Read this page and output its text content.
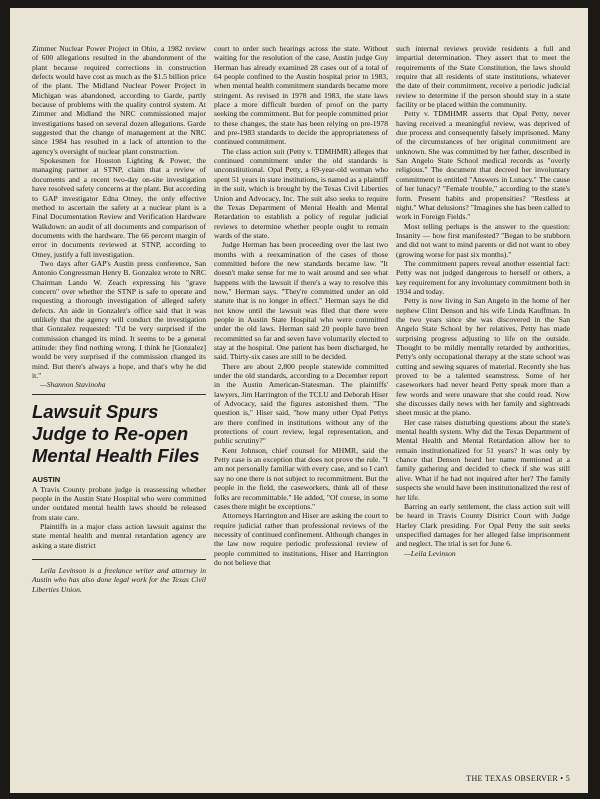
Zimmer Nuclear Power Project in Ohio, a 1982 review of 600 allegations resulted in the abandonment of the plant because required corrections in construction defects would have cost as much as the $1.5 billion price of the plant. The Midland Nuclear Power Project in Michigan was abandoned, according to Garde, partly because of problems with the quality control system. At Zimmer and Midland the NRC commissioned major investigations based on several dozen allegations. Garde suggested that the change of management at the NRC since 1984 has resulted in a lack of attention to the agency's oversight of nuclear plant construction.

Spokesmen for Houston Lighting & Power, the managing partner at STNP, claim that a review of documents and a recent two-day on-site investigation have resolved safety concerns at the plant. But according to GAP investigator Edna Otney, the only effective method to ascertain the safety at a nuclear plant is a Final Documentation Review and Verification Hardware Walkdown: an audit of all documents and comparison of documents with the hardware. The 66 percent margin of error in documents reviewed at STNP, according to Otney, justify a full investigation.

Two days after GAP's Austin press conference, San Antonio Congressman Henry B. Gonzalez wrote to NRC Chairman Lando W. Zeach expressing his "grave concern" over whether the STNP is safe to operate and requesting a thorough investigation of alleged safety defects. An aide in Gonzalez's office said that it was unlikely that the agency will conduct the investigation that Gonzalez requested: "I'd be very surprised if the commission changed its mind. It seems to be a general attitude: they find nothing wrong. I think he [Gonzalez] would be very surprised if the commission changed its mind. But there's always a hope, and that's why he did it."

—Shannon Stavinoha

Lawsuit Spurs Judge to Re-open Mental Health Files
AUSTIN

A Travis County probate judge is reassessing whether people in the Austin State Hospital who were committed under outdated mental health laws should be released from state care.

Plaintiffs in a major class action lawsuit against the state mental health and mental retardation agency are asking a state district

Leila Levinson is a freelance writer and attorney in Austin who has also done legal work for the Texas Civil Liberties Union.

court to order such hearings across the state. Without waiting for the resolution of the case, Austin judge Guy Herman has already examined 28 cases out of a total of 64 people confined to the Austin hospital prior to 1983, when mental health commitment standards became more stringent. As revised in 1978 and 1983, the state laws place a more difficult burden of proof on the party seeking the commitment. But for people committed prior to these changes, the state has been relying on pre-1978 and pre-1983 standards to decide the appropriateness of continued commitment.

The class action suit (Petty v. TDMHMR) alleges that continued commitment under the old standards is unconstitutional. Opal Petty, a 69-year-old woman who spent 51 years in state institutions, is named as a plaintiff in the suit, which is brought by the Texas Civil Liberties Union and Advocacy, Inc. The suit also seeks to require the Texas Department of Mental Health and Mental Retardation to establish a policy of regular judicial reviews to determine whether people ought to remain wards of the state.

Judge Herman has been proceeding over the last two months with a reexamination of the cases of those committed before the new standards became law. "It doesn't make sense for me to wait around and see what happens with the lawsuit if there's a way to resolve this now," Herman says. "They're committed under an old statute that is no longer in effect." Herman says he did not know until the lawsuit was filed that there were people in Austin State Hospital who were committed under the old laws. Herman said 20 people have been recommitted so far and seven have voluntarily elected to stay at the hospital. One patient has been discharged, he said. Thirty-six cases are still to be decided.

There are about 2,800 people statewide committed under the old standards, according to a December report in the Austin American-Statesman. The plaintiffs' lawyers, Jim Harrington of the TCLU and Deborah Hiser of Advocacy, said the figures astonished them. "The question is," Hiser said, "how many other Opal Pettys are there confined in institutions without any of the protections of court review, legal representation, and public scrutiny?"

Kent Johnson, chief counsel for MHMR, said the Petty case is an exception that does not prove the rule. "I am not personally familiar with every case, and so I can't say no one there is not subject to recommitment. But the people in the field, the caseworkers, think all of these folks are recommittable." He added, "Of course, in some cases there might be exceptions."

Attorneys Harrington and Hiser are asking the court to require judicial rather than professional reviews of the necessity of continued confinement. Although changes in the law now require periodic professional review of people committed to institutions, Hiser and Harrington do not believe that

such internal reviews provide residents a full and impartial determination. They assert that to meet the requirements of the State Constitution, the laws should require that all residents of state institutions, whatever the date of their commitment, receive a periodic judicial review to determine if the person should stay in a state facility or be placed within the community.

Petty v. TDMHMR asserts that Opal Petty, never having received a meaningful review, was deprived of due process and consequently falsely imprisoned. Many of the circumstances of her original commitment are unknown. She was committed by her father, described in San Angelo State School medical records as "overly religious." The document that decreed her involuntary commitment is entitled "Answers in Lunacy." The cause of her lunacy? "Female trouble," according to the state's form. Present habits and propensities? "Restless at night." What delusions? "Imagines she has been called to work in Foreign Fields."

Most telling perhaps is the answer to the question: Insanity — how first manifested? "Began to be stubborn and did not want to mind parents or did not want to obey (growing worse for past six months)."

The commitment papers reveal another essential fact: Petty was not judged dangerous to herself or others, a key requirement for any involuntary commitment both in 1934 and today.

Petty is now living in San Angelo in the home of her nephew Clint Denson and his wife Linda Kauffman. In the two years since she was discovered in the San Angelo State School by her relatives, Petty has made surprising progress adjusting to life on the outside. Thought to be mildly mentally retarded by authorities, Petty's only occupational therapy at the state school was cutting and sewing squares of material. Recently she has proved to be a talented seamstress. Some of her caseworkers had never heard Petty speak more than a few words and were unaware that she could read. Now she discusses daily news with her family and sightreads sheet music at the piano.

Her case raises disturbing questions about the state's mental health system. Why did the Texas Department of Mental Health and Mental Retardation allow her to remain institutionalized for 51 years? It was only by chance that Denson heard her name mentioned at a family gathering and decided to check if she was still alive. What if he had not inquired after her? The family suspects she would have been institutionalized the rest of her life.

Barring an early settlement, the class action suit will be heard in Travis County District Court with Judge Harley Clark presiding. For Opal Petty the suit seeks unspecified damages for her alleged false imprisonment and neglect. The trial is set for June 6.

—Leila Levinson

THE TEXAS OBSERVER • 5
